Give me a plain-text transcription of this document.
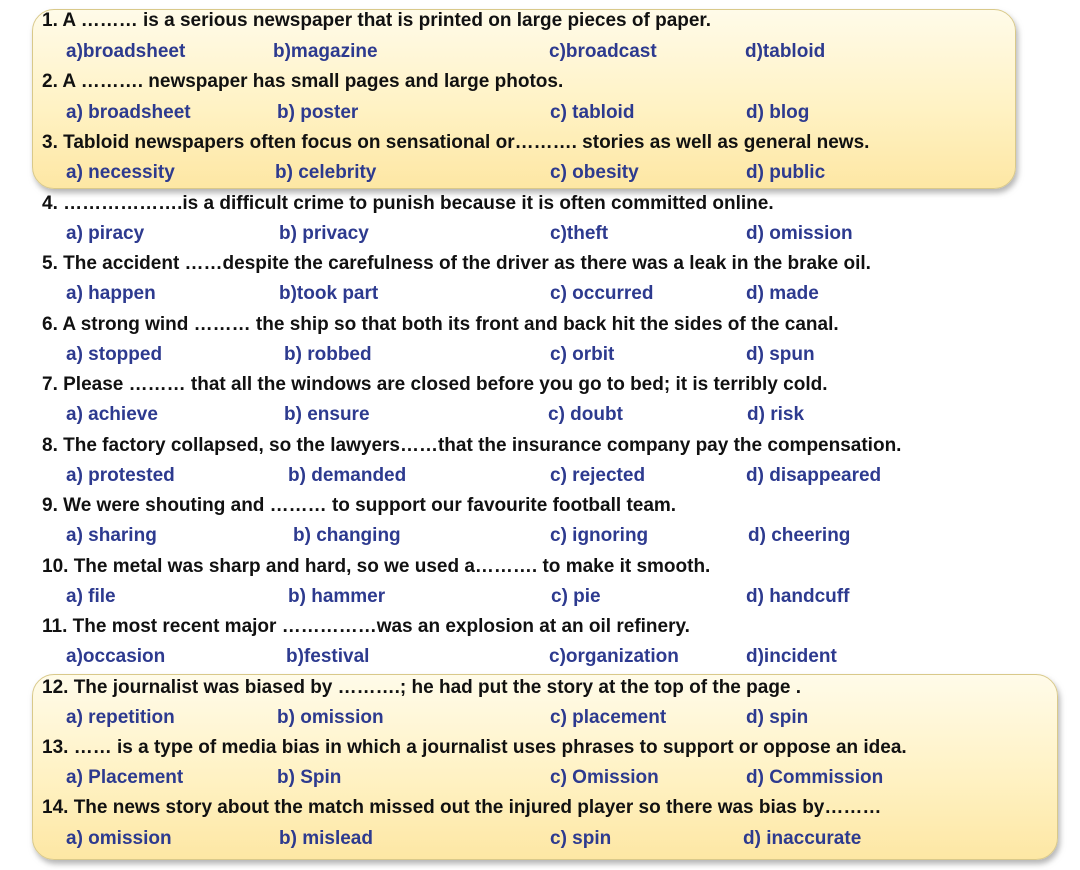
1. A ……… is a serious newspaper that is printed on large pieces of paper.
a)broadsheet	b)magazine	c)broadcast	d)tabloid
2. A ………. newspaper has small pages and large photos.
a) broadsheet	b) poster	c) tabloid	d) blog
3. Tabloid newspapers often focus on sensational or………. stories as well as general news.
a) necessity	b) celebrity	c) obesity	d) public
4. ……………….is a difficult crime to punish because it is often committed online.
a) piracy	b) privacy	c)theft	d) omission
5. The accident ……despite the carefulness of the driver as there was a leak in the brake oil.
a) happen	b)took part	c) occurred	d) made
6. A strong wind ……… the ship so that both its front and back hit the sides of the canal.
a) stopped	b) robbed	c) orbit	d) spun
7. Please ……… that all the windows are closed before you go to bed; it is terribly cold.
a) achieve	b) ensure	c) doubt	d) risk
8. The factory collapsed, so the lawyers……that the insurance company pay the compensation.
a) protested	b) demanded	c) rejected	d) disappeared
9. We were shouting and ……… to support our favourite football team.
a) sharing	b) changing	c) ignoring	d) cheering
10. The metal was sharp and hard, so we used a………. to make it smooth.
a) file	b) hammer	c) pie	d) handcuff
11. The most recent major ……………was an explosion at an oil refinery.
a)occasion	b)festival	c)organization	d)incident
12. The journalist was biased by ……….; he had put the story at the top of the page .
a) repetition	b) omission	c) placement	d) spin
13. …… is a type of media bias in which a journalist uses phrases to support or oppose an idea.
a) Placement	b) Spin	c) Omission	d) Commission
14. The news story about the match missed out the injured player so there was bias by………
a) omission	b) mislead	c) spin	d) inaccurate
